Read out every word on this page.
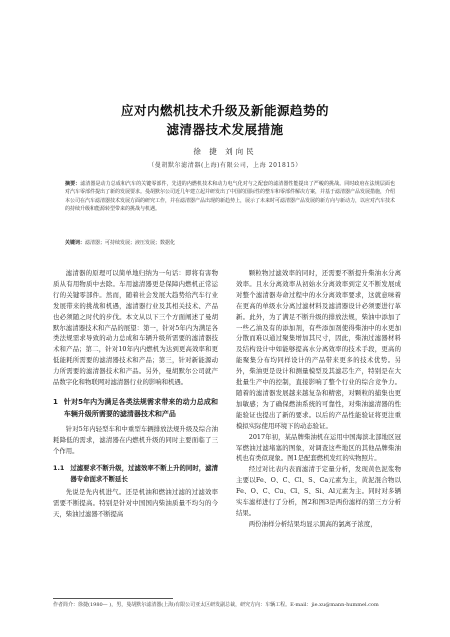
应对内燃机技术升级及新能源趋势的
滤清器技术发展措施
徐 捷 刘向民
（曼胡默尔滤清器(上海)有限公司，上海 201815）
摘要：滤清器是动力总成和汽车的关键零部件，先进的内燃机技术和动力电气化对与之配套的滤清器性能提出了严峻的挑战。同时政府在法规层面也对汽车零部件提出了新的发展要求。曼胡默尔公司近几年建立起并研发出了中国的国际性的整车和零部件解决方案，并基于滤清器产品发展措施，介绍本公司在汽车滤清器技术发展方面的研究工作，并在滤清器产品出现的新趋势上，展示了未来时可滤清器产品发展的新方向与新动力，以应对汽车技术的持续升级和能源转型带来的挑战与机遇。
关键词：滤清器；可持续发展；液压发展；数据化

滤清器的原理可以简单地归纳为一句话：即将有害物质从有用物质中去除。车用滤清器更是保障内燃机正常运行的关键零部件。然而，随着社会发展大趋势给汽车行业发展带来的挑战和机遇，滤清器行业及其相关技术、产品也必须随之时代的步伐。本文从以下三个方面阐述了曼胡默尔滤清器技术和产品的展望：第一，针对5年内为满足各类法规需求导致的动力总成和车辆升级所需要的滤清器技术和产品；第二，针对10年内内燃机为达到更高效率和更低能耗所需要的滤清器技术和产品；第三，针对新能源动力所需要的滤清器技术和产品。另外，曼胡默尔公司就产品数字化和物联网对滤清器行业的影响和机遇。

1 针对5年内为满足各类法规需求带来的动力总成和车辆升级所需要的滤清器技术和产品

针对5年内轻型车和中重型车辆排放法规升级及综合油耗降低的需求，滤清器在内燃机升级的同时主要面临了三个作用。

1.1 过滤要求不断升级，过滤效率不断上升的同时，滤清器专命面求不断延长

先说是先内机进气。还是机油和燃油过滤的过滤效率需要不断提高。特别是针对中国国内柴油质量不均匀的今天，柴油过滤器不断提高

颗粒物过滤效率的同时，还需要不断提升柴油水分离效率。且水分离效率从初始水分离效率到定义不断发展成对整个滤清器寿命过程中的水分离效率要求，这就意味着在更高的单级水分离过滤材料及滤清器设计必须要进行革新。此外，为了满足不断升级的排放法规，柴油中添加了一些乙油及有的添加剂，有些添加剂使得柴油中的水更加分散而难以通过聚集增加其尺寸，因此，柴油过滤器材料及结构设计中如能够提高水分离效率的技术手段，更高的能聚集分布均同样设计的产品带来更多的技术优势。另外，柴油更是设计和测量模型及其滤芯生产，特别是在大批量生产中的控制，直接影响了整个行业的综合竞争力。随着的滤清器发展越来越复杂和精密，对颗粒的捕集也更加敏感；为了确保燃油系统的可靠性，对柴油滤清器的性能验证也提出了新的要求。以后的产品性能验证将更注重模拟实际使用环境下的动态验证。

2017年初，某品牌柴油机在运用中国海滨北部地区冠军燃油过滤堵塞的图象，对调查这些地区的其他品牌柴油机也有类似现象。图1是配套燃机发红的实物照片。

经过对比表内表面滤清于定量分析，发现黄色泥浆物主要以Fe、O、C、Cl、S、Ca元素为主，黄泥混合物以Fe、O、C、Cu、Cl、S、Si、Al元素为主。同时对多辆实车滤样进行了分析，图2和图3是两份滤样的第三方分析结果。

两份油样分析结果均显示黑高的氯离子浓度，

作者简介：徐捷(1980— )，男，曼胡默尔滤清器(上海)有限公司亚太区研发副总裁，研究方向：车辆工程。E-mail：jie.xu@mann-hummel.com
